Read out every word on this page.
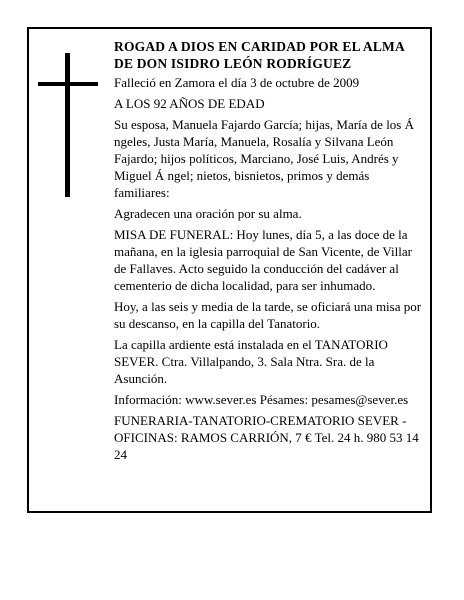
ROGAD A DIOS EN CARIDAD POR EL ALMA DE DON ISIDRO LEÓN RODRÍGUEZ

Falleció en Zamora el día 3 de octubre de 2009

A LOS 92 AÑOS DE EDAD

Su esposa, Manuela Fajardo García; hijas, María de los Á ngeles, Justa María, Manuela, Rosalía y Silvana León Fajardo; hijos políticos, Marciano, José Luis, Andrés y Miguel Á ngel; nietos, bisnietos, primos y demás familiares:

Agradecen una oración por su alma.

MISA DE FUNERAL: Hoy lunes, día 5, a las doce de la mañana, en la iglesia parroquial de San Vicente, de Villar de Fallaves. Acto seguido la conducción del cadáver al cementerio de dicha localidad, para ser inhumado.

Hoy, a las seis y media de la tarde, se oficiará una misa por su descanso, en la capilla del Tanatorio.

La capilla ardiente está instalada en el TANATORIO SEVER. Ctra. Villalpando, 3. Sala Ntra. Sra. de la Asunción.

Información: www.sever.es Pésames: pesames@sever.es

FUNERARIA-TANATORIO-CREMATORIO SEVER - OFICINAS: RAMOS CARRIÓN, 7 € Tel. 24 h. 980 53 14 24
